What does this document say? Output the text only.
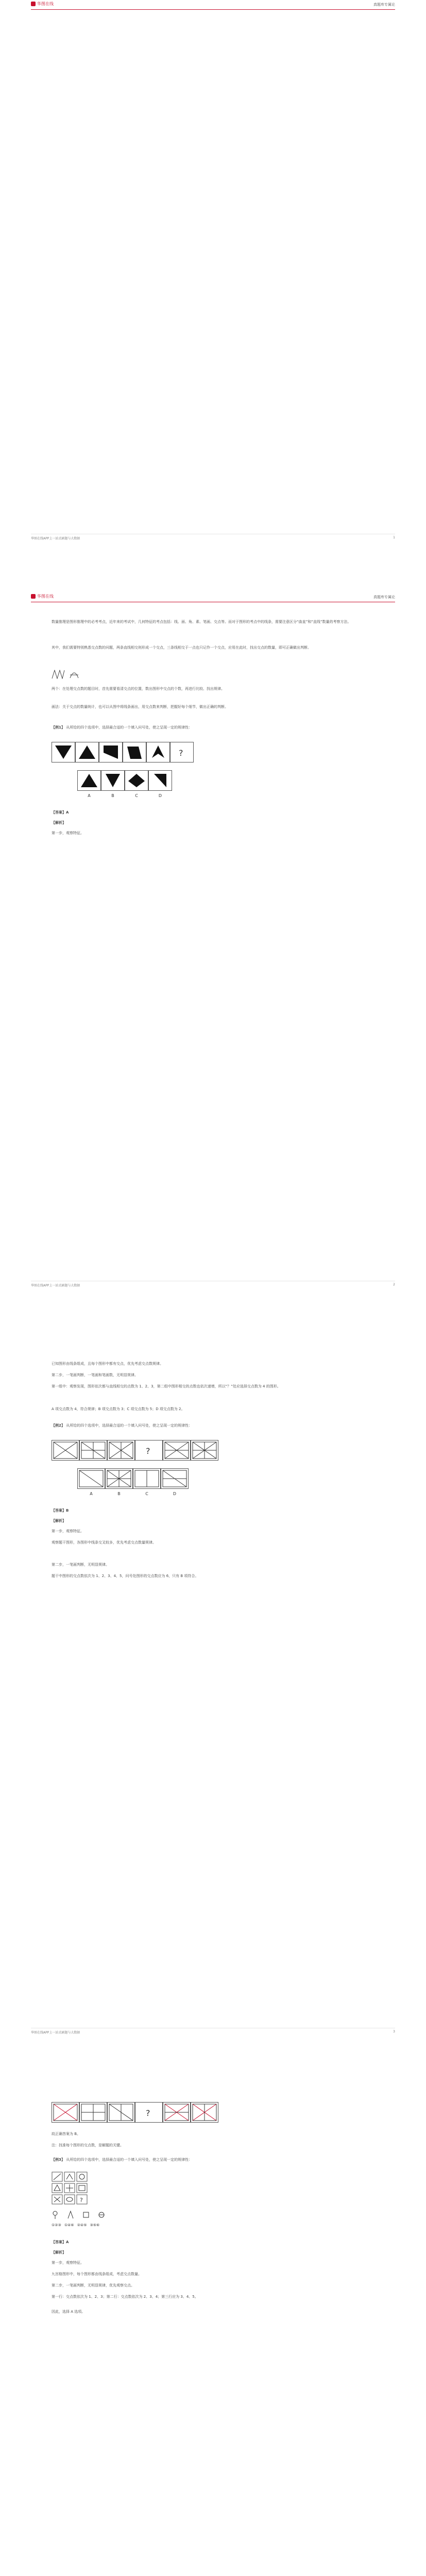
华图在线	真题库专属论
华图在线APP上一站式刷题与大数据	1
华图在线	真题库专属论
数量推理是图形推理中的必考考点，近年来的考试中，几何特征的考点包括：线、面、角、素、笔画、交点等。而对于图形的考点中的线条，需要注意区分“曲直”和“直线”数量的考察方法。
其中，我们需要特别熟悉交点数的问题，两条直线相交则形成一个交点，三条线相交于一点也只记作一个交点，应用在此时，找出交点的数量，即可正确做出判断。
两个：在处理交点数的题目时，首先需要看清交点的位置，数出图形中交点的个数，再进行比较、找出规律。
画法：关于交点的数量统计，也可以从图中将线条画出，用交点数来判断，把握好每个细节，做出正确的判断。
【例1】 从所给的四个选项中，选择最合适的一个填入问号处，使之呈现一定的规律性：
?
A	B	C	D
【答案】A
【解析】
第一步，观察特征。
华图在线APP上一站式刷题与大数据	2
已知图形由线条组成，且每个图形中都有交点，优先考虑交点数规律。
第二步，一笔画判断，一笔画和笔画数，无明显规律。
第一组中：观察发现，图形依次都与直线相交的点数为 1、2、3，第二组中图形相交的点数也依次递增，所以“？”处应选择交点数为 4 的图形。
A 项交点数为 4，符合规律；B 项交点数为 3；C 项交点数为 5；D 项交点数为 2。
【例2】 从所给的四个选项中，选择最合适的一个填入问号处，使之呈现一定的规律性：
?
A	B	C	D
【答案】B
【解析】
第一步，观察特征。
观察题干图形，各图形中线条交叉较多，优先考虑交点数量规律。
第二步，一笔画判断，无明显规律。
题干中图形的交点数依次为 1、2、3、4、5，问号处图形的交点数应为 6，只有 B 项符合。
华图在线APP上一站式刷题与大数据	3
?
故正确答案为 B。
注：找准每个图形的交点数，是解题的关键。
【例3】 从所给的四个选项中，选择最合适的一个填入问号处，使之呈现一定的规律性：
?
①②③ ①④⑥ ②④⑤ ③⑤⑥
【答案】A
【解析】
第一步，观察特征。
九宫格图形中，每个图形都由线条组成，考虑交点数量。
第二步，一笔画判断，无明显规律，优先观察交点。
第一行：交点数依次为 1、2、3；第二行：交点数依次为 2、3、4；第三行应为 3、4、5。
因此，选择 A 选项。
